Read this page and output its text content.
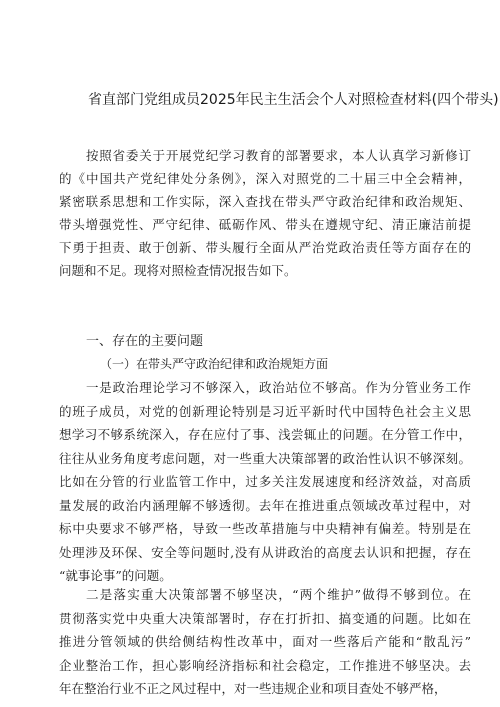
省直部门党组成员2025年民主生活会个人对照检查材料(四个带头)
按照省委关于开展党纪学习教育的部署要求，本人认真学习新修订
的《中国共产党纪律处分条例》，深入对照党的二十届三中全会精神，
紧密联系思想和工作实际，深入查找在带头严守政治纪律和政治规矩、
带头增强党性、严守纪律、砥砺作风、带头在遵规守纪、清正廉洁前提
下勇于担责、敢于创新、带头履行全面从严治党政治责任等方面存在的
问题和不足。现将对照检查情况报告如下。
一、存在的主要问题
（一）在带头严守政治纪律和政治规矩方面
一是政治理论学习不够深入，政治站位不够高。作为分管业务工作
的班子成员，对党的创新理论特别是习近平新时代中国特色社会主义思
想学习不够系统深入，存在应付了事、浅尝辄止的问题。在分管工作中，
往往从业务角度考虑问题，对一些重大决策部署的政治性认识不够深刻。
比如在分管的行业监管工作中，过多关注发展速度和经济效益，对高质
量发展的政治内涵理解不够透彻。去年在推进重点领域改革过程中，对
标中央要求不够严格，导致一些改革措施与中央精神有偏差。特别是在
处理涉及环保、安全等问题时,没有从讲政治的高度去认识和把握，存在
“就事论事”的问题。
二是落实重大决策部署不够坚决，“两个维护”做得不够到位。在
贯彻落实党中央重大决策部署时，存在打折扣、搞变通的问题。比如在
推进分管领域的供给侧结构性改革中，面对一些落后产能和“散乱污”
企业整治工作，担心影响经济指标和社会稳定，工作推进不够坚决。去
年在整治行业不正之风过程中，对一些违规企业和项目查处不够严格，
